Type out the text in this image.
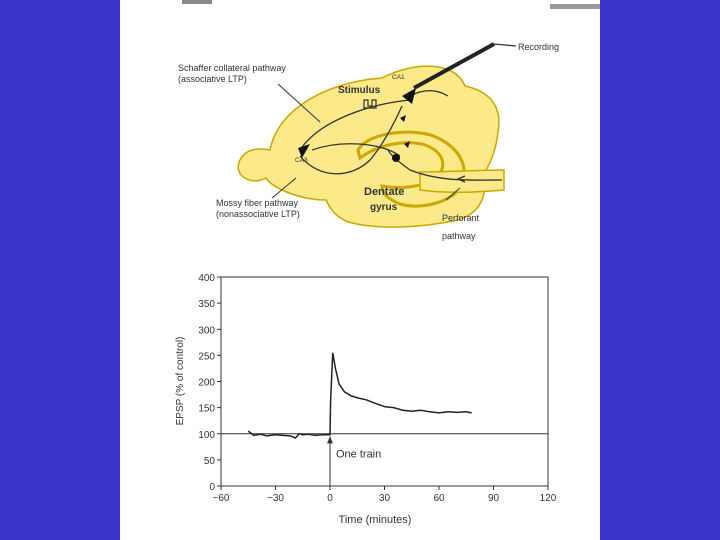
Schaffer collateral pathway
(associative LTP)
Stimulus
CA1
CA3
Recording
Mossy fiber pathway
(nonassociative LTP)
Dentate
gyrus
Perforant
pathway
0
50
100
150
200
250
300
350
400
−60	−30	0	30	60	90	120
One train
Time (minutes)
EPSP (% of control)
